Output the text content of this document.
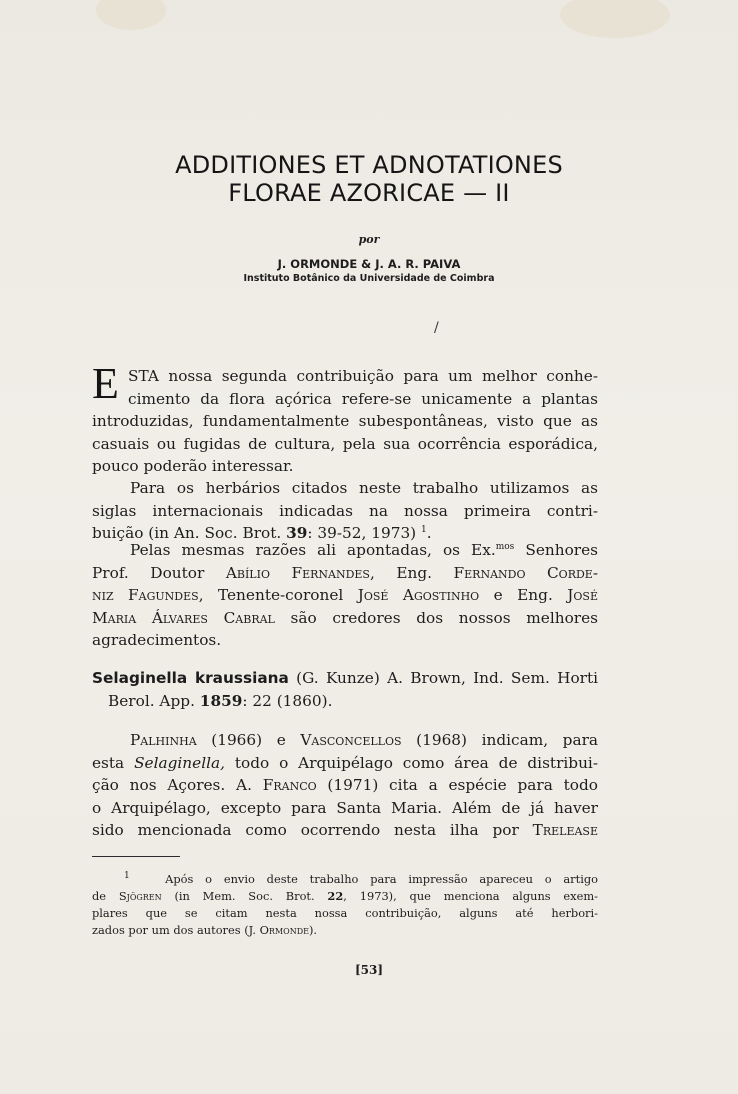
ADDITIONES ET ADNOTATIONES
FLORAE AZORICAE — II
por
J. ORMONDE & J. A. R. PAIVA
Instituto Botânico da Universidade de Coimbra
/
E STA nossa segunda contribuição para um melhor conhe-
cimento da flora açórica refere-se unicamente a plantas
introduzidas, fundamentalmente subespontâneas, visto que as
casuais ou fugidas de cultura, pela sua ocorrência esporádica,
pouco poderão interessar.
Para os herbários citados neste trabalho utilizamos as
siglas internacionais indicadas na nossa primeira contri-
buição (in An. Soc. Brot. 39: 39-52, 1973) $^1$.
Pelas mesmas razões ali apontadas, os Ex.$^{mos}$ Senhores
Prof. Doutor Abílio Fernandes, Eng. Fernando Corde-
niz Fagundes, Tenente-coronel José Agostinho e Eng. José
Maria Álvares Cabral são credores dos nossos melhores
agradecimentos.
Selaginella kraussiana (G. Kunze) A. Brown, Ind. Sem. Horti
Berol. App. 1859: 22 (1860).
Palhinha (1966) e Vasconcellos (1968) indicam, para
esta Selaginella, todo o Arquipélago como área de distribui-
ção nos Açores. A. Franco (1971) cita a espécie para todo
o Arquipélago, excepto para Santa Maria. Além de já haver
sido mencionada como ocorrendo nesta ilha por Trelease
$^1$	Após o envio deste trabalho para impressão apareceu o artigo
de Sjögren (in Mem. Soc. Brot. 22, 1973), que menciona alguns exem-
plares que se citam nesta nossa contribuição, alguns até herbori-
zados por um dos autores (J. Ormonde).
[53]
